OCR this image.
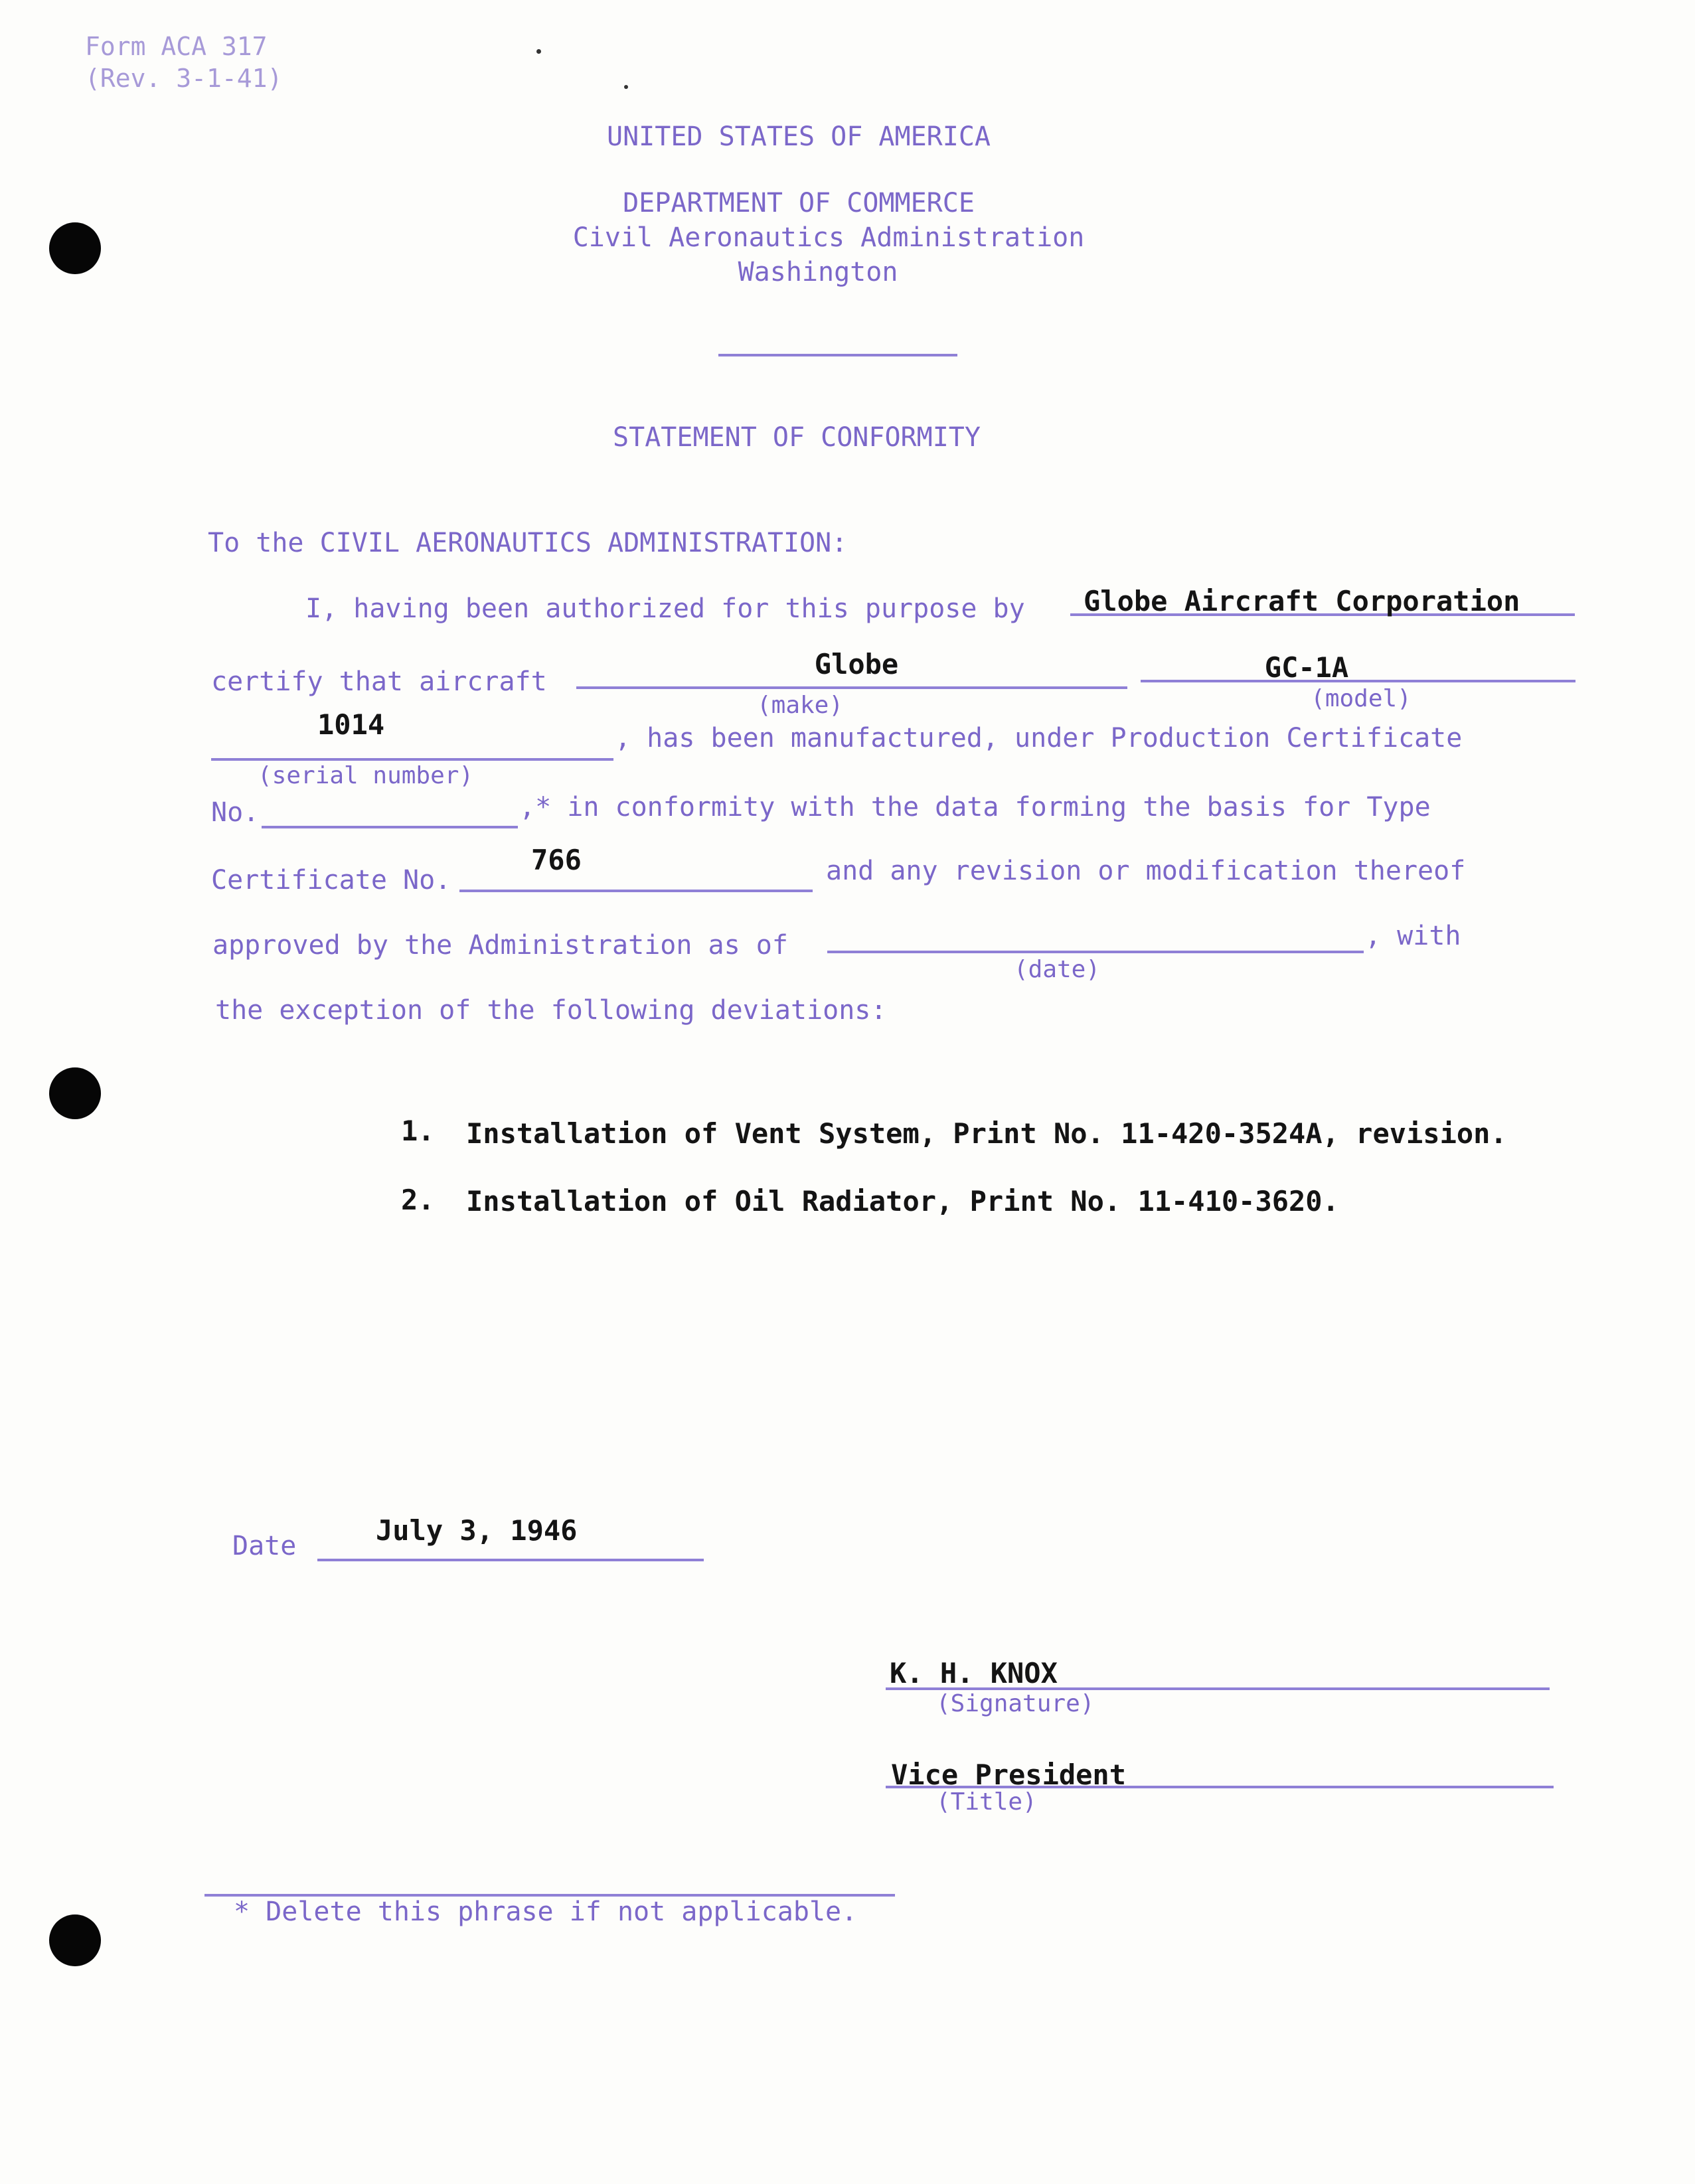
Form ACA 317
(Rev. 3-1-41)
UNITED STATES OF AMERICA
DEPARTMENT OF COMMERCE
Civil Aeronautics Administration
Washington
STATEMENT OF CONFORMITY
To the CIVIL AERONAUTICS ADMINISTRATION:
I, having been authorized for this purpose by Globe Aircraft Corporation
certify that aircraft
Globe
(make)
GC-1A
(model)
1014
(serial number)
, has been manufactured, under Production Certificate
No.	,* in conformity with the data forming the basis for Type
Certificate No.
766	and any revision or modification thereof
approved by the Administration as of
(date)
, with
the exception of the following deviations:
1. Installation of Vent System, Print No. 11-420-3524A, revision.
2. Installation of Oil Radiator, Print No. 11-410-3620.
Date	July 3, 1946
K. H. KNOX
(Signature)
Vice President
(Title)
* Delete this phrase if not applicable.
